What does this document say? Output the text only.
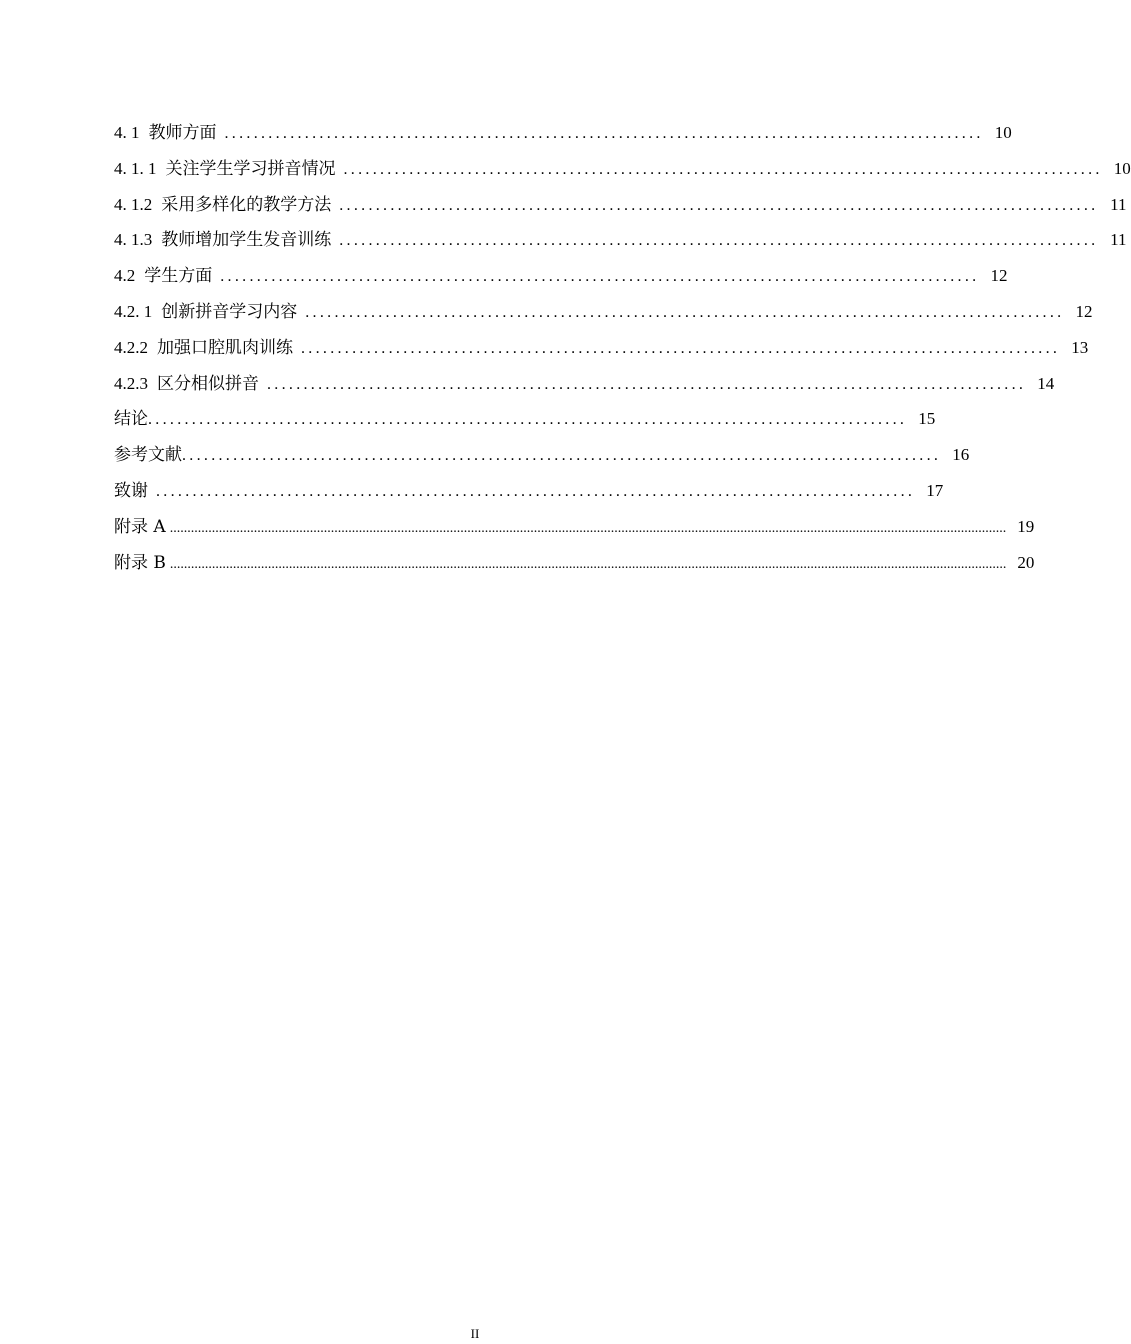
4. 1 教师方面 ........................................................................................................ 10
4. 1. 1 关注学生学习拼音情况 ........................................................................................................ 10
4. 1.2 采用多样化的教学方法 ........................................................................................................ 11
4. 1.3 教师增加学生发音训练 ........................................................................................................ 11
4.2 学生方面 ........................................................................................................ 12
4.2. 1 创新拼音学习内容 ........................................................................................................ 12
4.2.2 加强口腔肌肉训练 ........................................................................................................ 13
4.2.3 区分相似拼音 ........................................................................................................ 14
结论 ........................................................................................................ 15
参考文献 ........................................................................................................ 16
致谢 ........................................................................................................ 17
附录 A ............................................................................................................................................................................................................................................... 19
附录 B ............................................................................................................................................................................................................................................... 20
II
